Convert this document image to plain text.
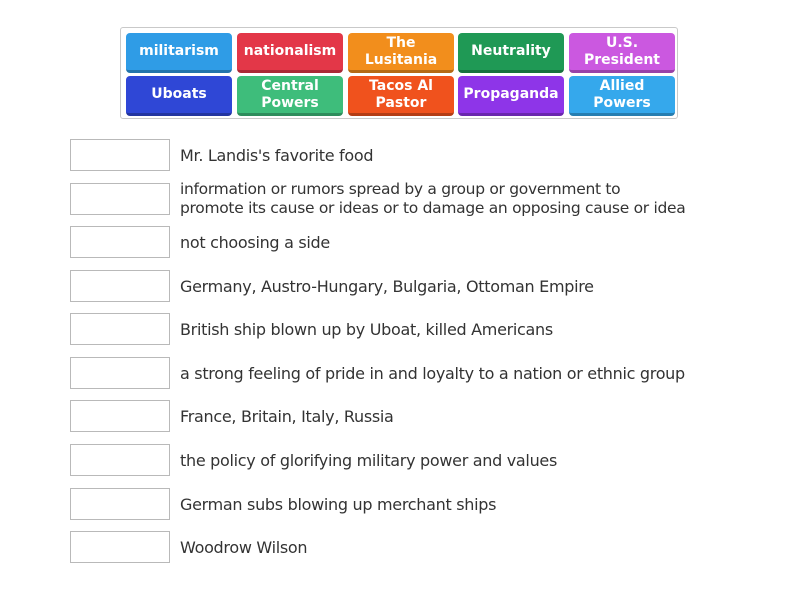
militarism	nationalism
The Lusitania
Neutrality
U.S.
President
Uboats
Central
Powers
Tacos Al
Pastor
Propaganda
Allied Powers
Mr. Landis's favorite food
information or rumors spread by a group or government to
promote its cause or ideas or to damage an opposing cause or idea
not choosing a side
Germany, Austro-Hungary, Bulgaria, Ottoman Empire
British ship blown up by Uboat, killed Americans
a strong feeling of pride in and loyalty to a nation or ethnic group
France, Britain, Italy, Russia
the policy of glorifying military power and values
German subs blowing up merchant ships
Woodrow Wilson
